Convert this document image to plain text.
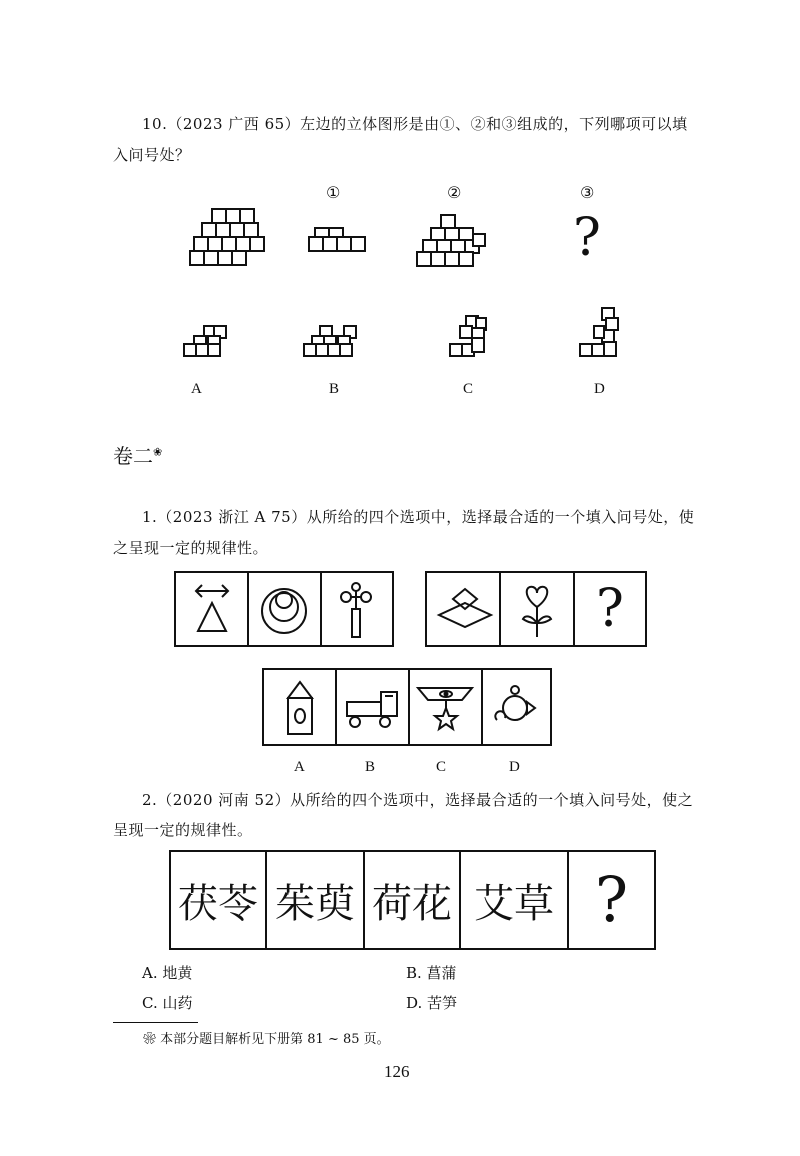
10.（2023 广西 65）左边的立体图形是由①、②和③组成的，下列哪项可以填
入问号处？
①	②	③
?
A	B	C	D
卷二❀
1.（2023 浙江 A 75）从所给的四个选项中，选择最合适的一个填入问号处，使
之呈现一定的规律性。
?
A	B	C	D
2.（2020 河南 52）从所给的四个选项中，选择最合适的一个填入问号处，使之
呈现一定的规律性。
茯苓 茱萸 荷花 艾草 ?
A. 地黄	B. 菖蒲
C. 山药	D. 苦笋
❀ 本部分题目解析见下册第 81 ~ 85 页。
126
